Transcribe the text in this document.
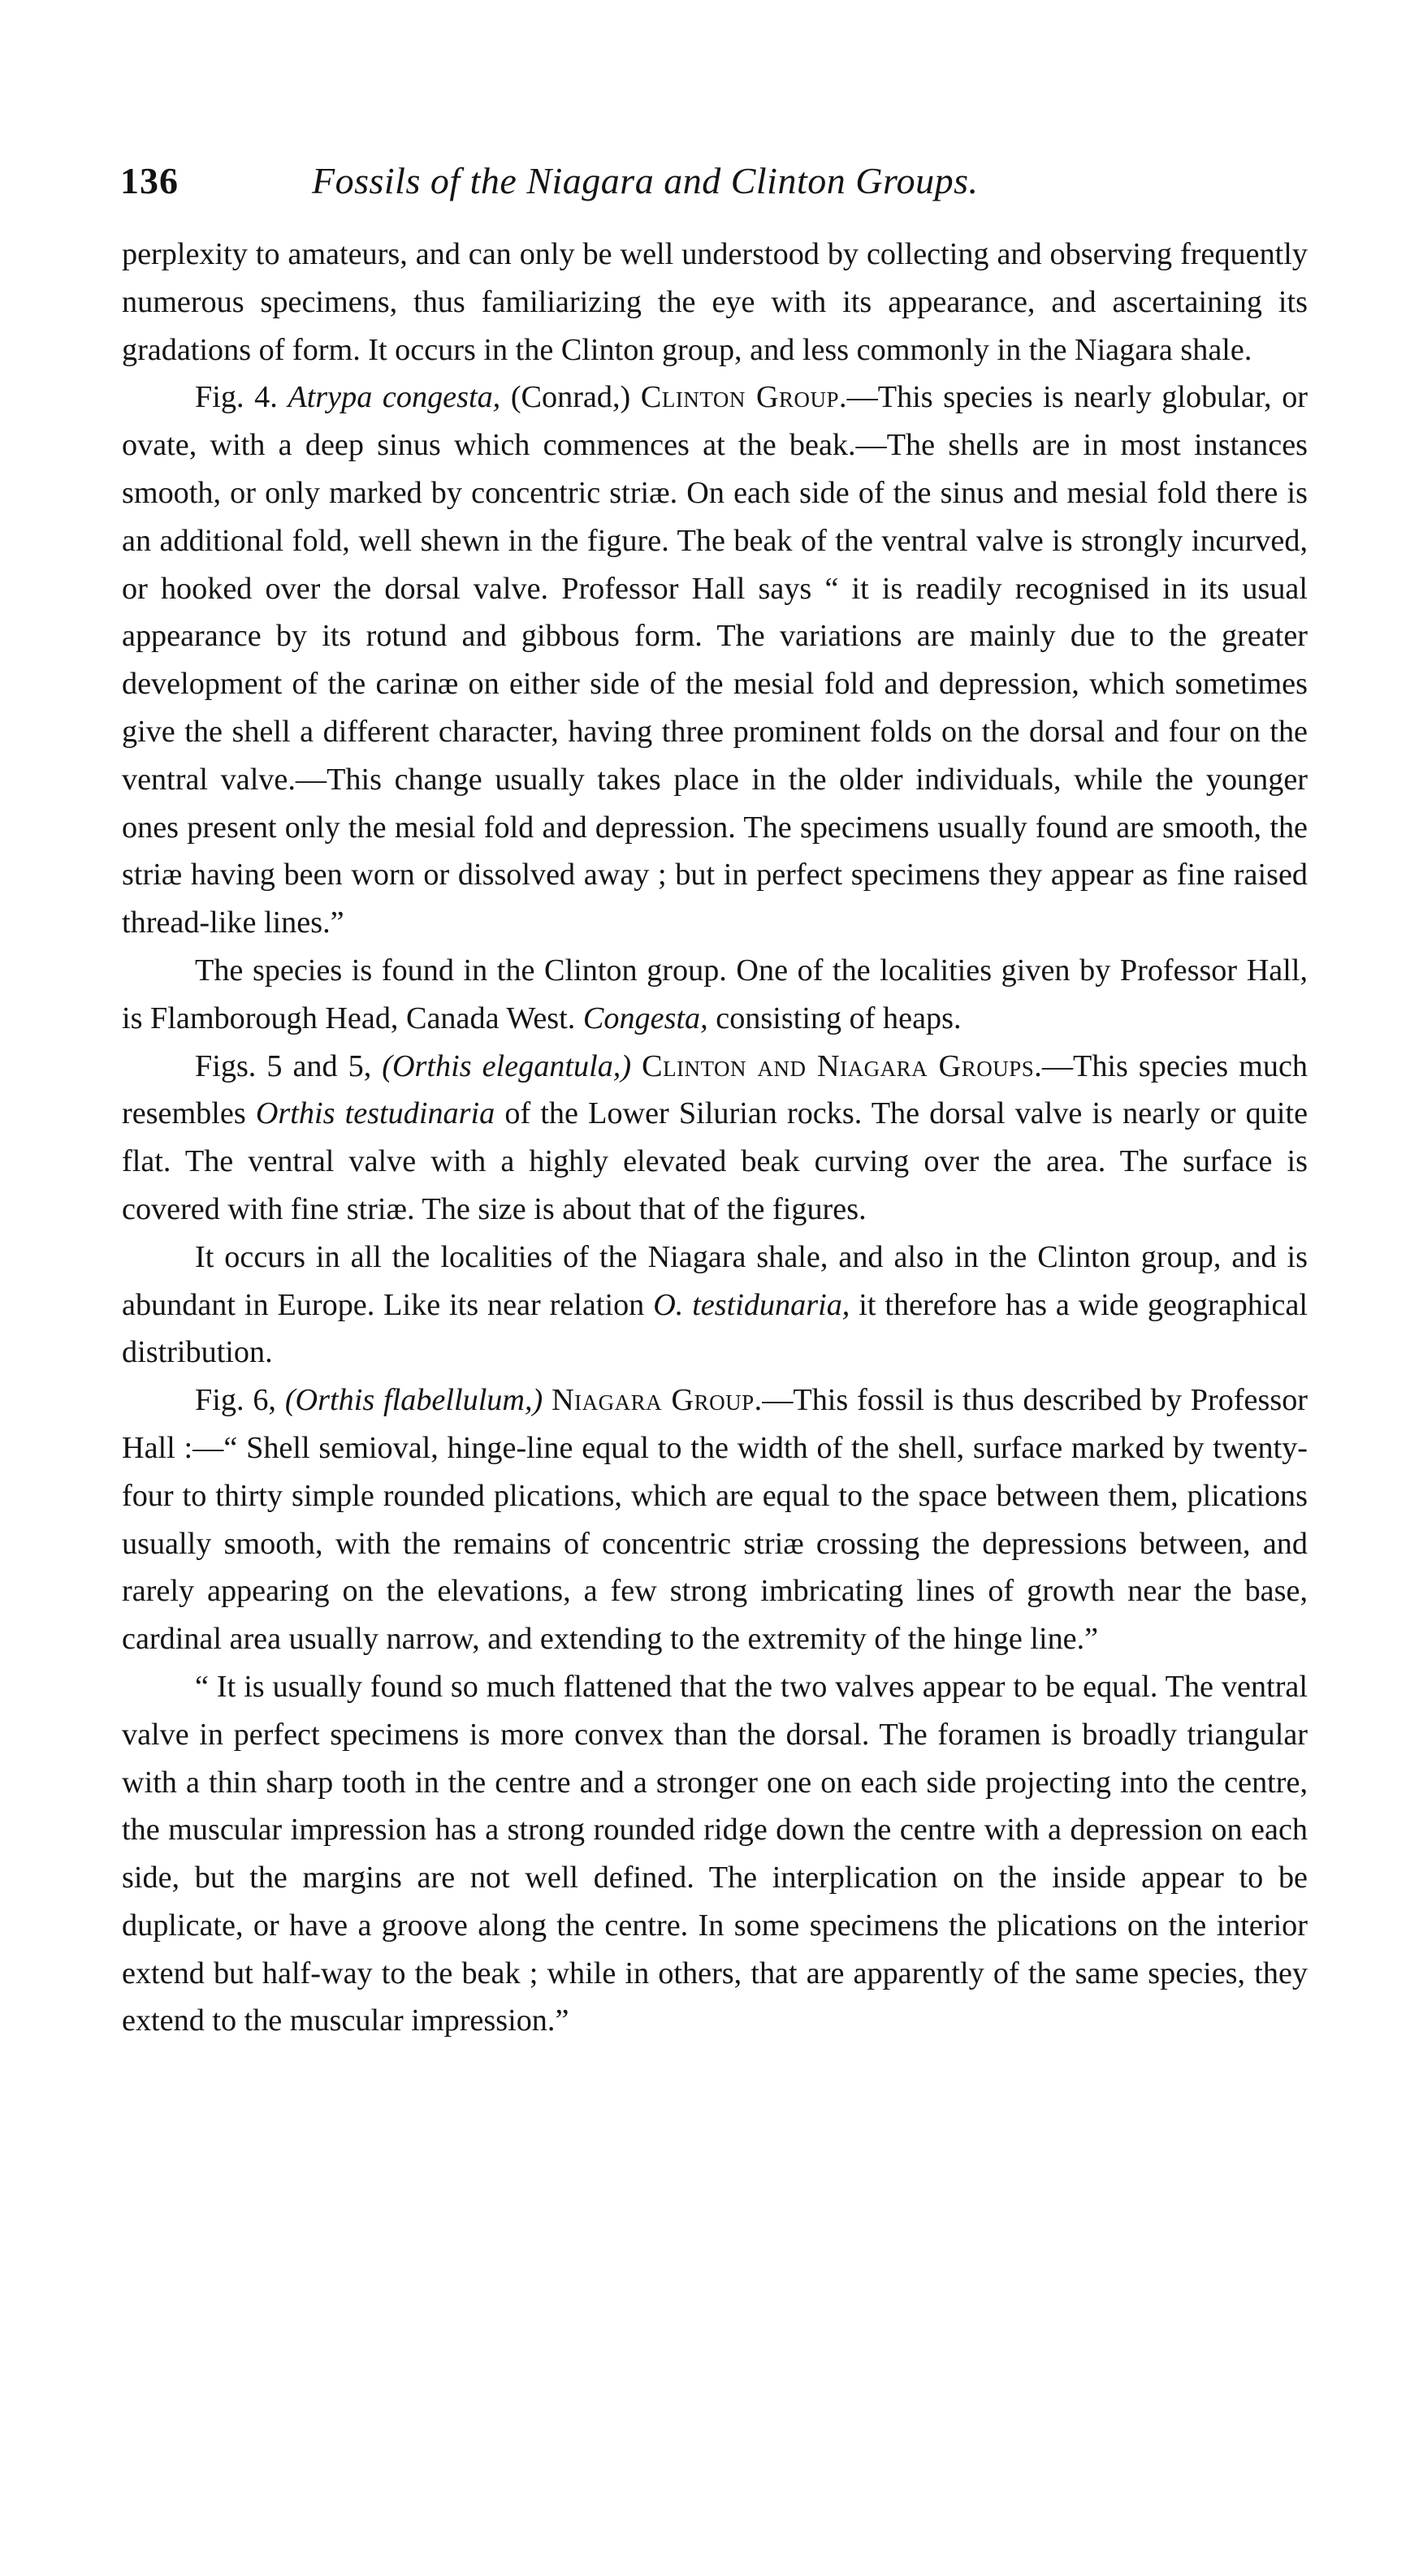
136	Fossils of the Niagara and Clinton Groups.

perplexity to amateurs, and can only be well understood by collecting and observing frequently numerous specimens, thus familiarizing the eye with its appearance, and ascertaining its gradations of form. It occurs in the Clinton group, and less commonly in the Niagara shale.

Fig. 4. Atrypa congesta, (Conrad,) Clinton Group.—This species is nearly globular, or ovate, with a deep sinus which commences at the beak.—The shells are in most instances smooth, or only marked by concentric striæ. On each side of the sinus and mesial fold there is an additional fold, well shewn in the figure. The beak of the ventral valve is strongly incurved, or hooked over the dorsal valve. Professor Hall says “ it is readily recognised in its usual appearance by its rotund and gibbous form. The variations are mainly due to the greater development of the carinæ on either side of the mesial fold and depression, which sometimes give the shell a different character, having three prominent folds on the dorsal and four on the ventral valve.—This change usually takes place in the older individuals, while the younger ones present only the mesial fold and depression. The specimens usually found are smooth, the striæ having been worn or dissolved away ; but in perfect specimens they appear as fine raised thread-like lines.”

The species is found in the Clinton group. One of the localities given by Professor Hall, is Flamborough Head, Canada West. Congesta, consisting of heaps.

Figs. 5 and 5, (Orthis elegantula,) Clinton and Niagara Groups.—This species much resembles Orthis testudinaria of the Lower Silurian rocks. The dorsal valve is nearly or quite flat. The ventral valve with a highly elevated beak curving over the area. The surface is covered with fine striæ. The size is about that of the figures.

It occurs in all the localities of the Niagara shale, and also in the Clinton group, and is abundant in Europe. Like its near relation O. testidunaria, it therefore has a wide geographical distribution.

Fig. 6, (Orthis flabellulum,) Niagara Group.—This fossil is thus described by Professor Hall :—“ Shell semioval, hinge-line equal to the width of the shell, surface marked by twenty-four to thirty simple rounded plications, which are equal to the space between them, plications usually smooth, with the remains of concentric striæ crossing the depressions between, and rarely appearing on the elevations, a few strong imbricating lines of growth near the base, cardinal area usually narrow, and extending to the extremity of the hinge line.”

“ It is usually found so much flattened that the two valves appear to be equal. The ventral valve in perfect specimens is more convex than the dorsal. The foramen is broadly triangular with a thin sharp tooth in the centre and a stronger one on each side projecting into the centre, the muscular impression has a strong rounded ridge down the centre with a depression on each side, but the margins are not well defined. The interplication on the inside appear to be duplicate, or have a groove along the centre. In some specimens the plications on the interior extend but half-way to the beak ; while in others, that are apparently of the same species, they extend to the muscular impression.”
